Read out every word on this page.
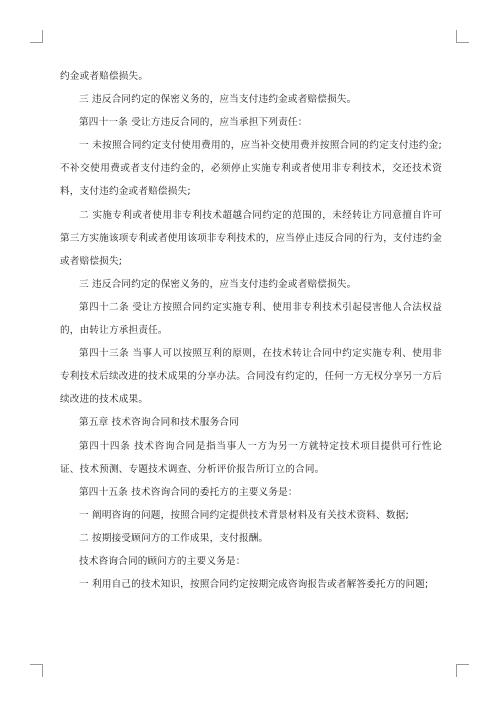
约金或者赔偿损失。

三 违反合同约定的保密义务的，应当支付违约金或者赔偿损失。

第四十一条 受让方违反合同的，应当承担下列责任：

一 未按照合同约定支付使用费用的，应当补交使用费并按照合同的约定支付违约金;不补交使用费或者支付违约金的，必须停止实施专利或者使用非专利技术，交还技术资料，支付违约金或者赔偿损失;

二 实施专利或者使用非专利技术超越合同约定的范围的，未经转让方同意擅自许可第三方实施该项专利或者使用该项非专利技术的，应当停止违反合同的行为，支付违约金或者赔偿损失;

三 违反合同约定的保密义务的，应当支付违约金或者赔偿损失。

第四十二条 受让方按照合同约定实施专利、使用非专利技术引起侵害他人合法权益的，由转让方承担责任。

第四十三条 当事人可以按照互利的原则，在技术转让合同中约定实施专利、使用非专利技术后续改进的技术成果的分享办法。合同没有约定的，任何一方无权分享另一方后续改进的技术成果。

第五章 技术咨询合同和技术服务合同

第四十四条 技术咨询合同是指当事人一方为另一方就特定技术项目提供可行性论证、技术预测、专题技术调查、分析评价报告所订立的合同。

第四十五条 技术咨询合同的委托方的主要义务是：

一 阐明咨询的问题，按照合同约定提供技术背景材料及有关技术资料、数据;

二 按期接受顾问方的工作成果，支付报酬。

技术咨询合同的顾问方的主要义务是：

一 利用自己的技术知识，按照合同约定按期完成咨询报告或者解答委托方的问题;
